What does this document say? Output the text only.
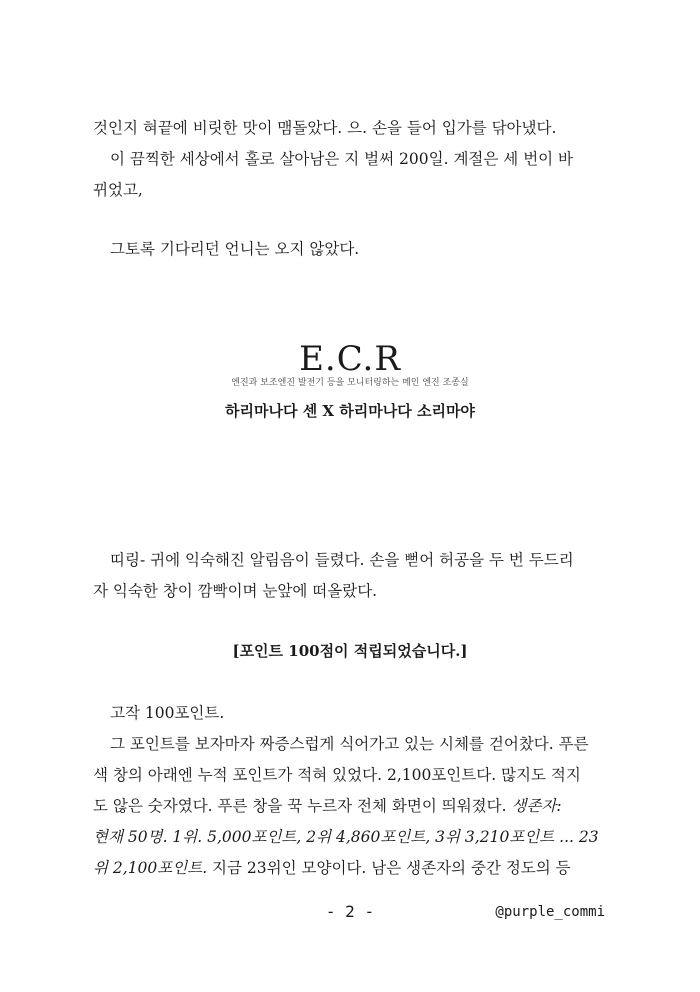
것인지 혀끝에 비릿한 맛이 맴돌았다. 으. 손을 들어 입가를 닦아냈다.
이 끔찍한 세상에서 홀로 살아남은 지 벌써 200일. 계절은 세 번이 바
뀌었고,
그토록 기다리던 언니는 오지 않았다.
E.C.R
엔진과 보조엔진 발전기 등을 모니터링하는 메인 엔진 조종실
하리마나다 센 X 하리마나다 소리마야
띠링- 귀에 익숙해진 알림음이 들렸다. 손을 뻗어 허공을 두 번 두드리
자 익숙한 창이 깜빡이며 눈앞에 떠올랐다.
[포인트 100점이 적립되었습니다.]
고작 100포인트.
그 포인트를 보자마자 짜증스럽게 식어가고 있는 시체를 걷어찼다. 푸른
색 창의 아래엔 누적 포인트가 적혀 있었다. 2,100포인트다. 많지도 적지
도 않은 숫자였다. 푸른 창을 꾹 누르자 전체 화면이 띄워졌다. 생존자:
현재 50명. 1위. 5,000포인트, 2위 4,860포인트, 3위 3,210포인트 ... 23
위 2,100포인트. 지금 23위인 모양이다. 남은 생존자의 중간 정도의 등
- 2 -	@purple_commi
